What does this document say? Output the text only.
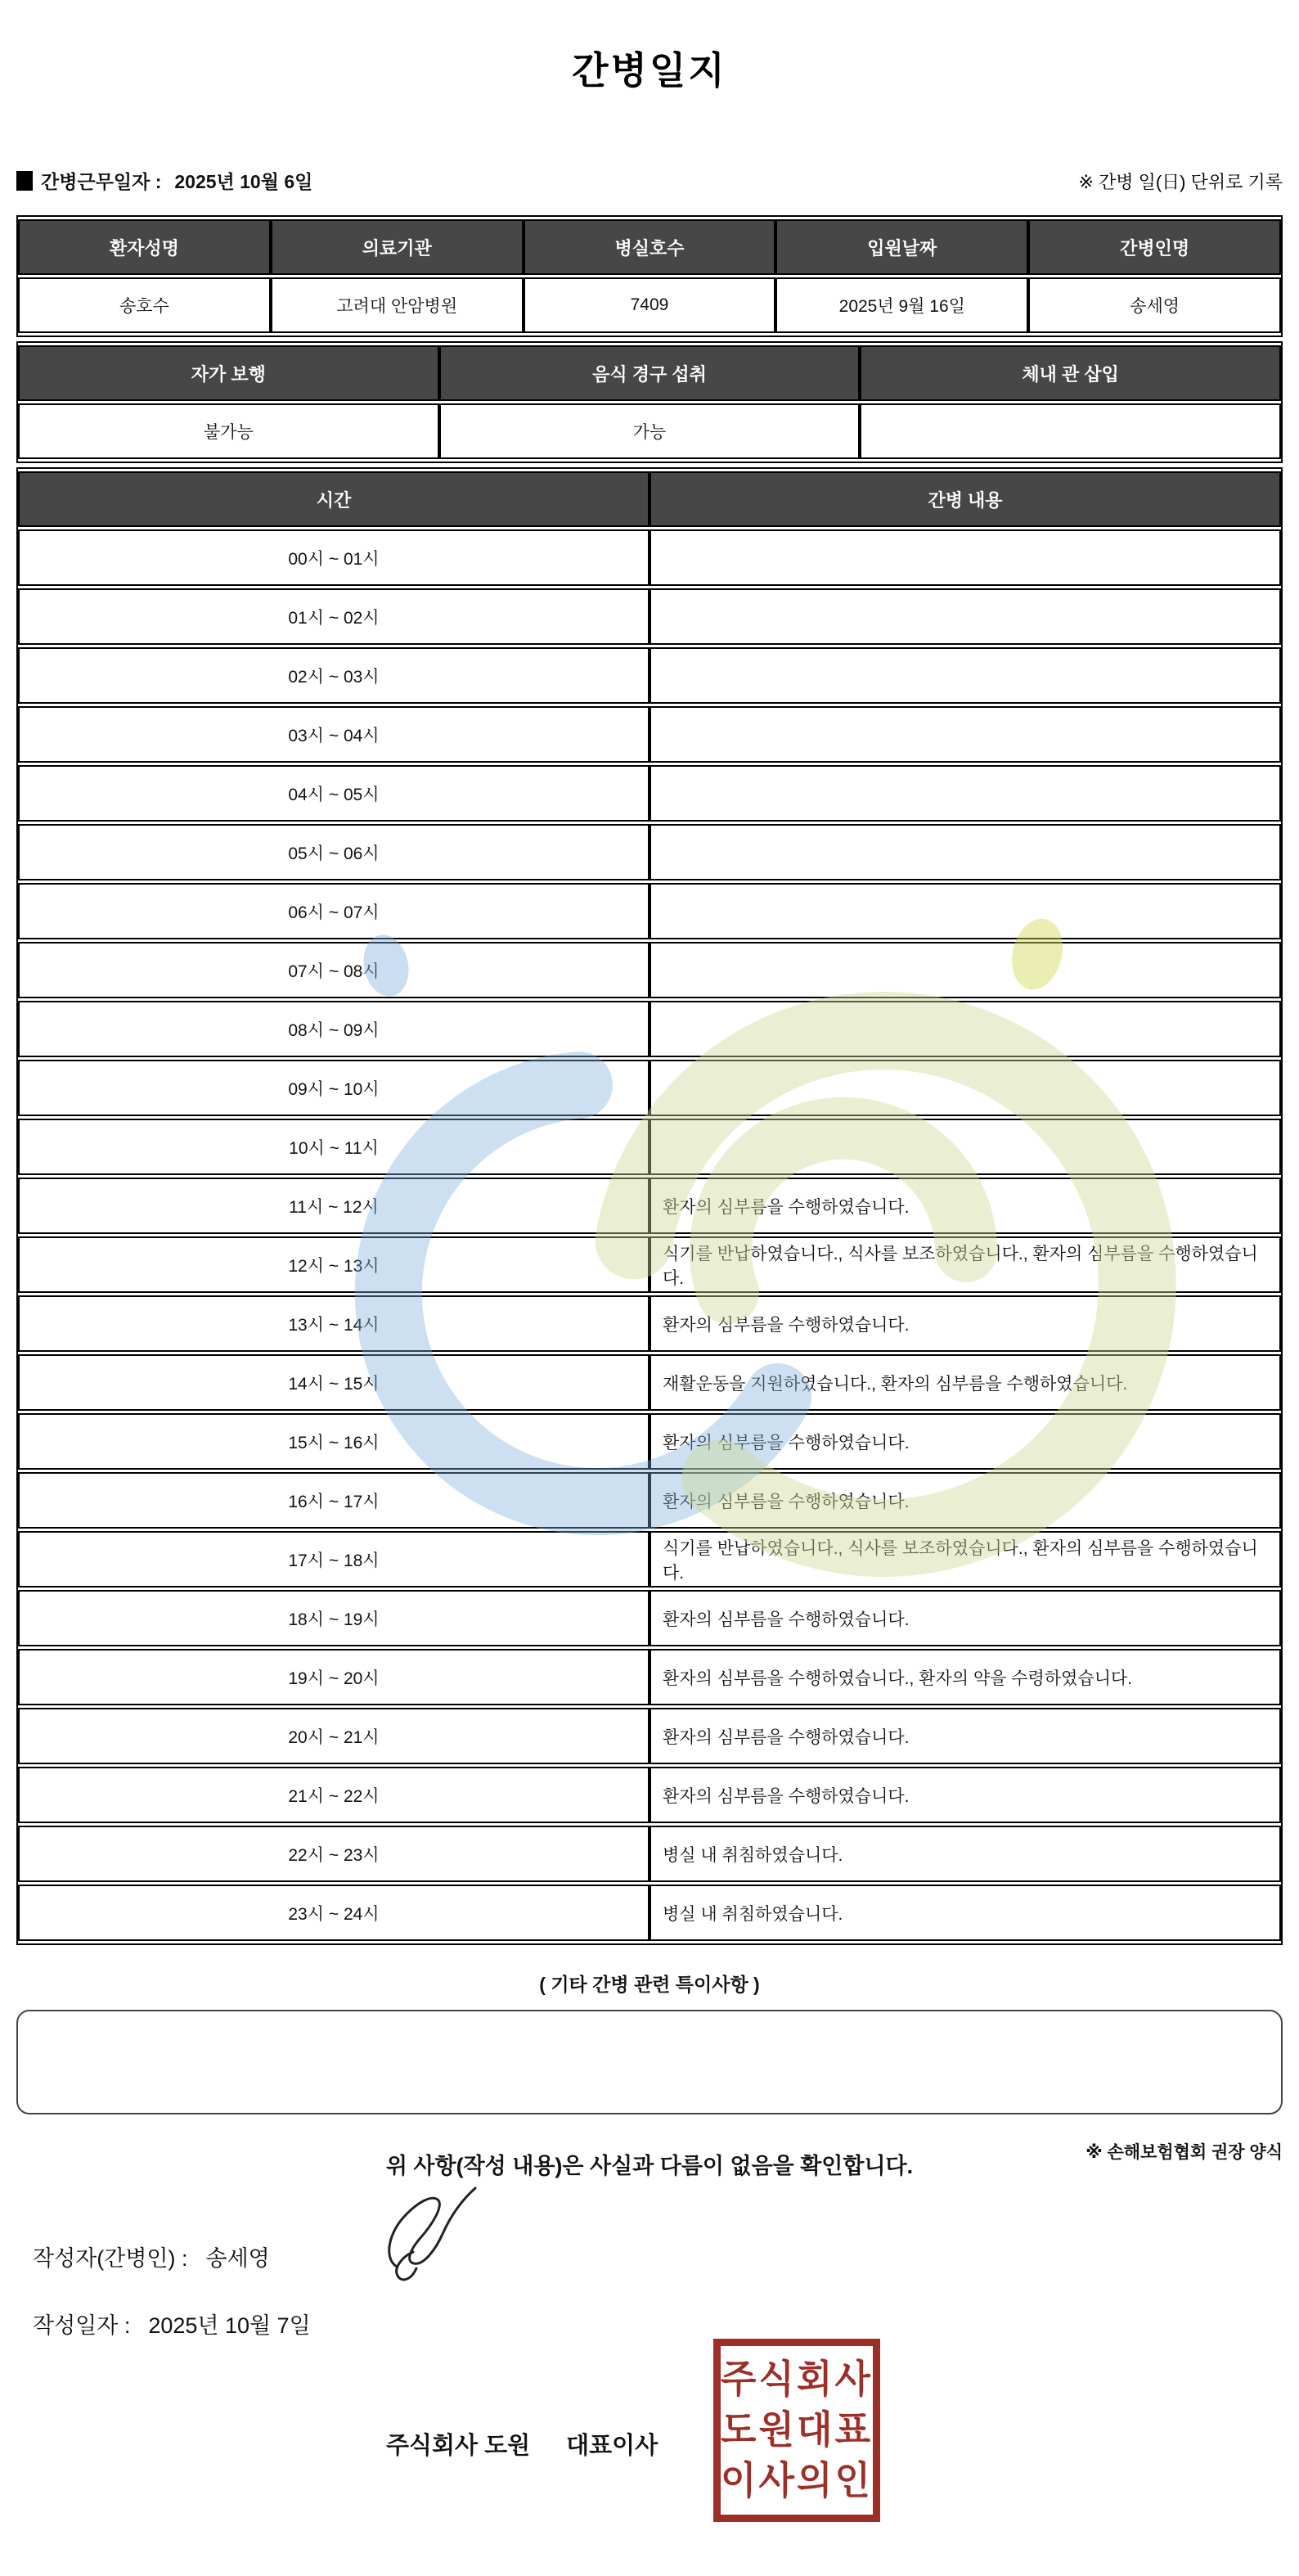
간병일지
간병근무일자 : 2025년 10월 6일	※ 간병 일(日) 단위로 기록
환자성명	의료기관	병실호수	입원날짜	간병인명
송호수	고려대 안암병원	7409	2025년 9월 16일	송세영
자가 보행	음식 경구 섭취	체내 관 삽입
불가능	가능	
시간	간병 내용
00시 ~ 01시	
01시 ~ 02시	
02시 ~ 03시	
03시 ~ 04시	
04시 ~ 05시	
05시 ~ 06시	
06시 ~ 07시	
07시 ~ 08시	
08시 ~ 09시	
09시 ~ 10시	
10시 ~ 11시	
11시 ~ 12시	환자의 심부름을 수행하였습니다.
12시 ~ 13시	식기를 반납하였습니다., 식사를 보조하였습니다., 환자의 심부름을 수행하였습니다.
13시 ~ 14시	환자의 심부름을 수행하였습니다.
14시 ~ 15시	재활운동을 지원하였습니다., 환자의 심부름을 수행하였습니다.
15시 ~ 16시	환자의 심부름을 수행하였습니다.
16시 ~ 17시	환자의 심부름을 수행하였습니다.
17시 ~ 18시	식기를 반납하였습니다., 식사를 보조하였습니다., 환자의 심부름을 수행하였습니다.
18시 ~ 19시	환자의 심부름을 수행하였습니다.
19시 ~ 20시	환자의 심부름을 수행하였습니다., 환자의 약을 수령하였습니다.
20시 ~ 21시	환자의 심부름을 수행하였습니다.
21시 ~ 22시	환자의 심부름을 수행하였습니다.
22시 ~ 23시	병실 내 취침하였습니다.
23시 ~ 24시	병실 내 취침하였습니다.
( 기타 간병 관련 특이사항 )
※ 손해보험협회 권장 양식
위 사항(작성 내용)은 사실과 다름이 없음을 확인합니다.
작성자(간병인) : 송세영
작성일자 : 2025년 10월 7일
주식회사 도원 대표이사
주식회사
도원대표
이사의인
